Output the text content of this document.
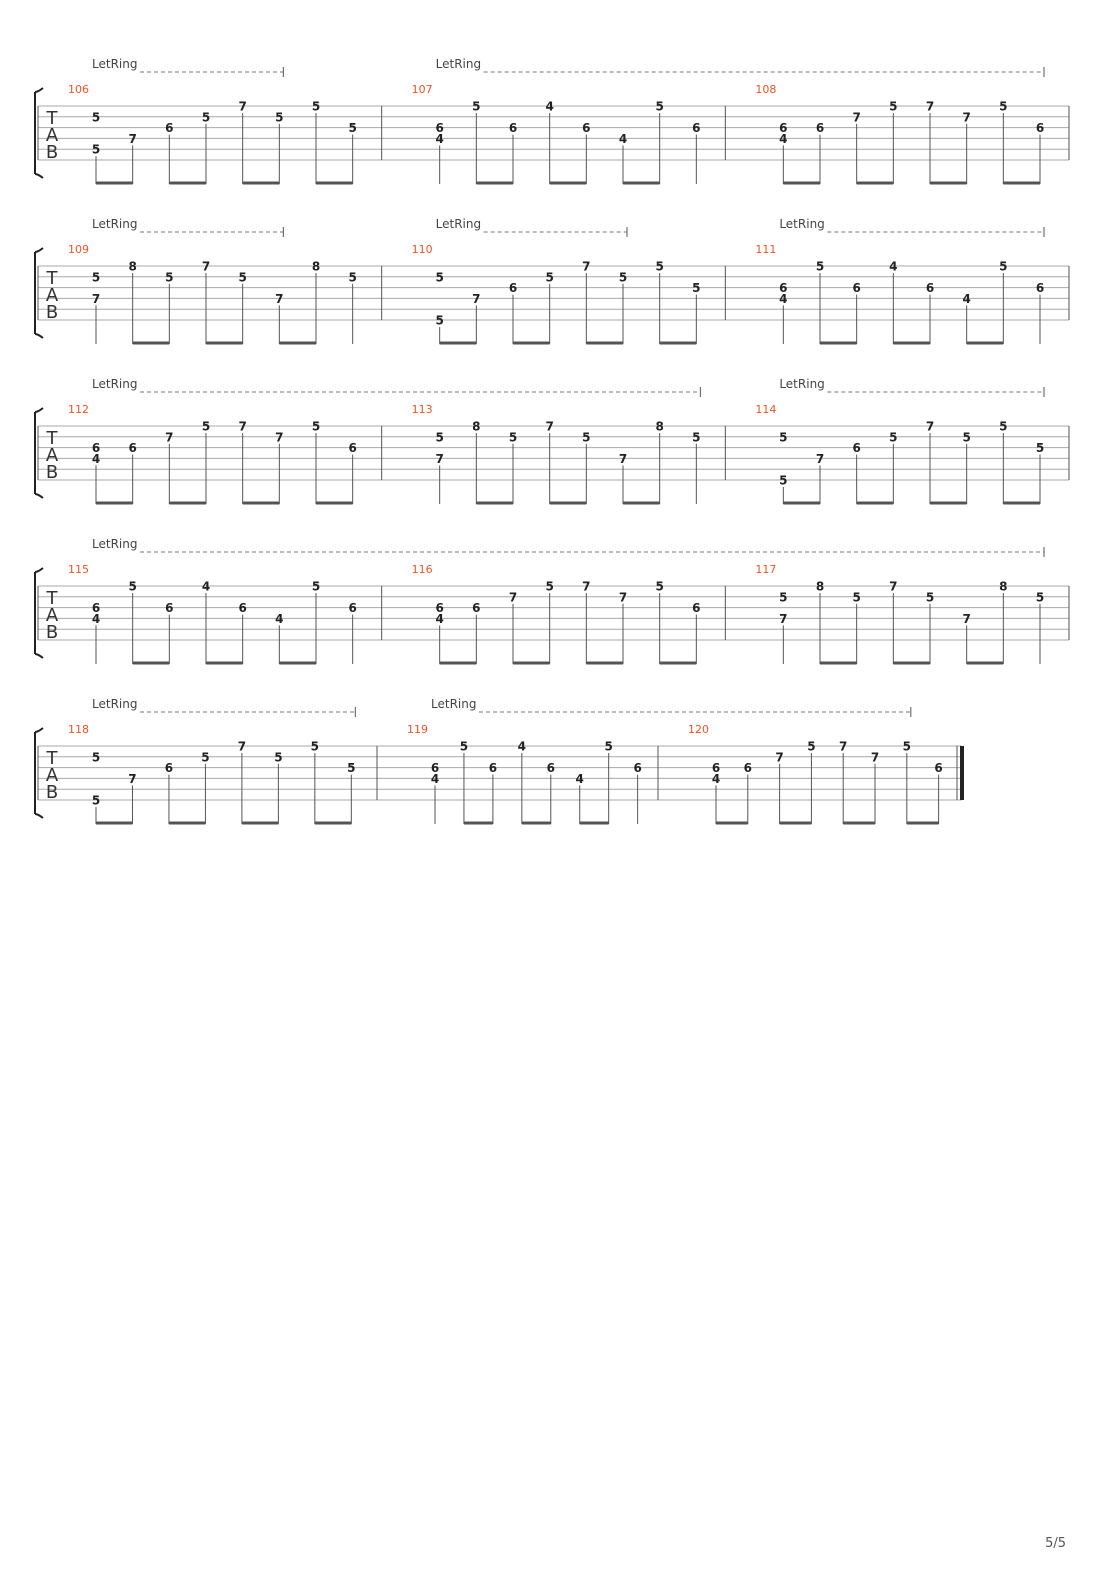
T
A
B
106
5
5
7
6
5
7
5
5
5
107
6
4
5
6
4
6
4
5
6
108
6
4
6
7
5 7
7
5
6
LetRing	LetRing
T
A
B
109
5
7
8
5
7
5
7
8
5
110
5
5
7
6
5
7
5
5
5
111
6
4
5
6
4
6
4
5
6
LetRing	LetRing	LetRing
T
A
B
112
6
4
6
7
5 7
7
5
6
113
5
7
8
5
7
5
7
8
5
114
5
5
7
6
5
7
5
5
5
LetRing	LetRing
T
A
B
115
6
4
5
6
4
6
4
5
6
116
6
4
6
7
5 7
7
5
6
117
5
7
8
5
7
5
7
8
5
LetRing
T
A
B
118
5
5
7
6
5
7
5
5
5
119
6
4
5
6
4
6
4
5
6
120
6
4
6
7
5 7
7
5
6
LetRing	LetRing
5/5
